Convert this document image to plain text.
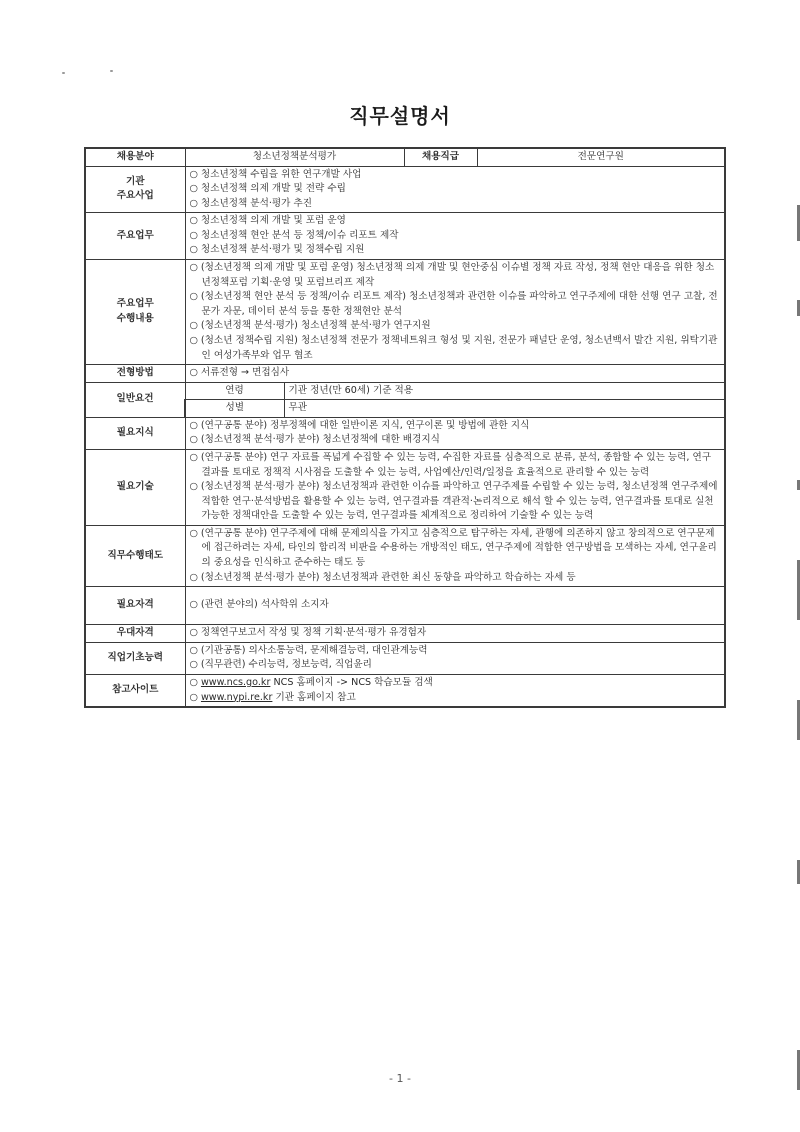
직무설명서
채용분야	청소년정책분석평가		채용직급	전문연구원
기관
주요사업	○ 청소년정책 수립을 위한 연구개발 사업
○ 청소년정책 의제 개발 및 전략 수립
○ 청소년정책 분석·평가 추진			

주요업무	○ 청소년정책 의제 개발 및 포럼 운영
○ 청소년정책 현안 분석 등 정책/이슈 리포트 제작
○ 청소년정책 분석·평가 및 정책수립 지원			

주요업무
수행내용	○ (청소년정책 의제 개발 및 포럼 운영) 청소년정책 의제 개발 및 현안중심 이슈별 정책 자료 작성, 정책 현안 대응을 위한 청소년정책포럼 기획·운영 및 포럼브리프 제작
○ (청소년정책 현안 분석 등 정책/이슈 리포트 제작) 청소년정책과 관련한 이슈를 파악하고 연구주제에 대한 선행 연구 고찰, 전문가 자문, 데이터 분석 등을 통한 정책현안 분석
○ (청소년정책 분석·평가) 청소년정책 분석·평가 연구지원
○ (청소년 정책수립 지원) 청소년정책 전문가 정책네트워크 형성 및 지원, 전문가 패널단 운영, 청소년백서 발간 지원, 위탁기관인 여성가족부와 업무 협조			

전형방법	○ 서류전형 → 면접심사			
일반요건	연령	기관 정년(만 60세) 기준 적용		
	성별	무관		
필요지식	○ (연구공통 분야) 정부정책에 대한 일반이론 지식, 연구이론 및 방법에 관한 지식
○ (청소년정책 분석·평가 분야) 청소년정책에 대한 배경지식			

필요기술	○ (연구공통 분야) 연구 자료를 폭넓게 수집할 수 있는 능력, 수집한 자료를 심층적으로 분류, 분석, 종합할 수 있는 능력, 연구결과를 토대로 정책적 시사점을 도출할 수 있는 능력, 사업예산/인력/일정을 효율적으로 관리할 수 있는 능력
○ (청소년정책 분석·평가 분야) 청소년정책과 관련한 이슈를 파악하고 연구주제를 수립할 수 있는 능력, 청소년정책 연구주제에 적합한 연구·분석방법을 활용할 수 있는 능력, 연구결과를 객관적·논리적으로 해석 할 수 있는 능력, 연구결과를 토대로 실천 가능한 정책대안을 도출할 수 있는 능력, 연구결과를 체계적으로 정리하여 기술할 수 있는 능력			

직무수행태도	○ (연구공통 분야) 연구주제에 대해 문제의식을 가지고 심층적으로 탐구하는 자세, 관행에 의존하지 않고 창의적으로 연구문제에 접근하려는 자세, 타인의 합리적 비판을 수용하는 개방적인 태도, 연구주제에 적합한 연구방법을 모색하는 자세, 연구윤리의 중요성을 인식하고 준수하는 태도 등
○ (청소년정책 분석·평가 분야) 청소년정책과 관련한 최신 동향을 파악하고 학습하는 자세 등			

필요자격	○ (관련 분야의) 석사학위 소지자			
우대자격	○ 정책연구보고서 작성 및 정책 기획·분석·평가 유경험자			
직업기초능력	○ (기관공통) 의사소통능력, 문제해결능력, 대인관계능력
○ (직무관련) 수리능력, 정보능력, 직업윤리			

참고사이트	○ www.ncs.go.kr NCS 홈페이지 -> NCS 학습모듈 검색
○ www.nypi.re.kr 기관 홈페이지 참고			
- 1 -
